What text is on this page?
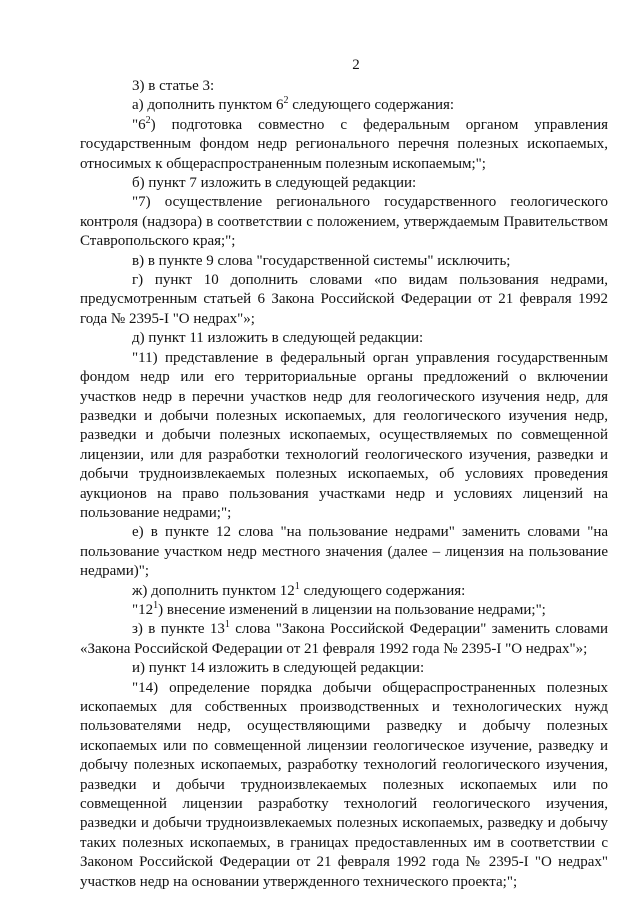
2

3) в статье 3:

а) дополнить пунктом $6^2$ следующего содержания:

"$6^2$) подготовка совместно с федеральным органом управления государственным фондом недр регионального перечня полезных ископаемых, относимых к общераспространенным полезным ископаемым;";

б) пункт 7 изложить в следующей редакции:

"7) осуществление регионального государственного геологического контроля (надзора) в соответствии с положением, утверждаемым Правительством Ставропольского края;";

в) в пункте 9 слова "государственной системы" исключить;

г) пункт 10 дополнить словами «по видам пользования недрами, предусмотренным статьей 6 Закона Российской Федерации от 21 февраля 1992 года № 2395-I "О недрах"»;

д) пункт 11 изложить в следующей редакции:

"11) представление в федеральный орган управления государственным фондом недр или его территориальные органы предложений о включении участков недр в перечни участков недр для геологического изучения недр, для разведки и добычи полезных ископаемых, для геологического изучения недр, разведки и добычи полезных ископаемых, осуществляемых по совмещенной лицензии, или для разработки технологий геологического изучения, разведки и добычи трудноизвлекаемых полезных ископаемых, об условиях проведения аукционов на право пользования участками недр и условиях лицензий на пользование недрами;";

е) в пункте 12 слова "на пользование недрами" заменить словами "на пользование участком недр местного значения (далее – лицензия на пользование недрами)";

ж) дополнить пунктом $12^1$ следующего содержания:

"$12^1$) внесение изменений в лицензии на пользование недрами;";

з) в пункте $13^1$ слова "Закона Российской Федерации" заменить словами «Закона Российской Федерации от 21 февраля 1992 года № 2395-I "О недрах"»;

и) пункт 14 изложить в следующей редакции:

"14) определение порядка добычи общераспространенных полезных ископаемых для собственных производственных и технологических нужд пользователями недр, осуществляющими разведку и добычу полезных ископаемых или по совмещенной лицензии геологическое изучение, разведку и добычу полезных ископаемых, разработку технологий геологического изучения, разведки и добычи трудноизвлекаемых полезных ископаемых или по совмещенной лицензии разработку технологий геологического изучения, разведки и добычи трудноизвлекаемых полезных ископаемых, разведку и добычу таких полезных ископаемых, в границах предоставленных им в соответствии с Законом Российской Федерации от 21 февраля 1992 года № 2395-I "О недрах" участков недр на основании утвержденного технического проекта;";
